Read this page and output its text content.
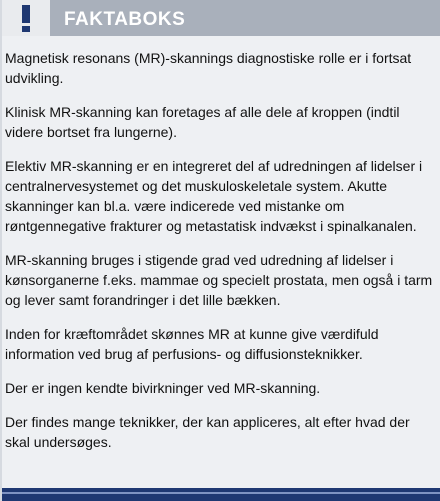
FAKTABOKS

Magnetisk resonans (MR)-skannings diagnostiske rolle er i fortsat udvikling.

Klinisk MR-skanning kan foretages af alle dele af kroppen (indtil videre bortset fra lungerne).

Elektiv MR-skanning er en integreret del af udredningen af lidelser i centralnervesystemet og det muskuloskeletale system. Akutte skanninger kan bl.a. være indicerede ved mistanke om røntgennegative frakturer og metastatisk indvækst i spinalkanalen.

MR-skanning bruges i stigende grad ved udredning af lidelser i kønsorganerne f.eks. mammae og specielt prostata, men også i tarm og lever samt forandringer i det lille bækken.

Inden for kræftområdet skønnes MR at kunne give værdifuld information ved brug af perfusions- og diffusionsteknikker.

Der er ingen kendte bivirkninger ved MR-skanning.

Der findes mange teknikker, der kan appliceres, alt efter hvad der skal undersøges.
